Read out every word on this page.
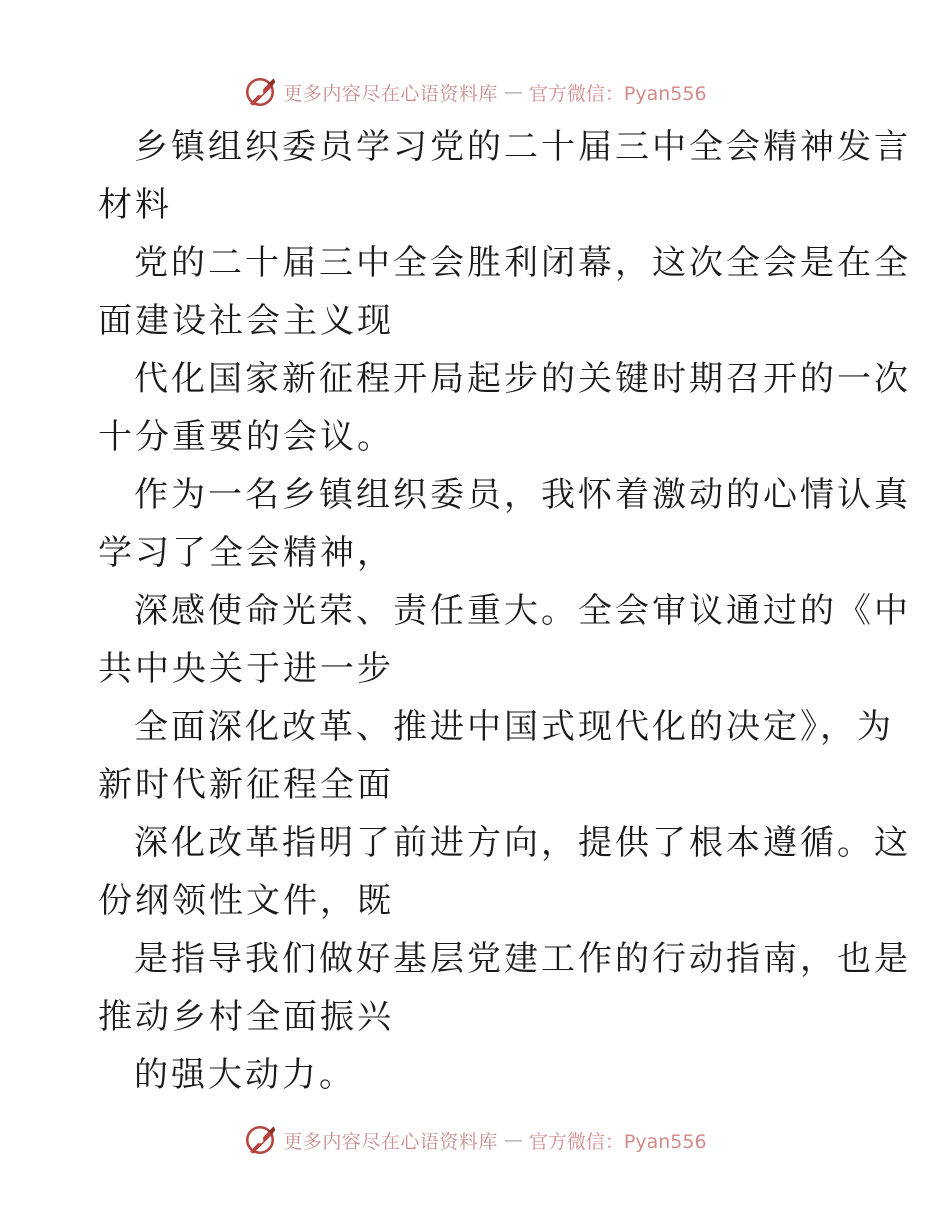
更多内容尽在心语资料库 — 官方微信：Pyan556
乡镇组织委员学习党的二十届三中全会精神发言
材料
党的二十届三中全会胜利闭幕，这次全会是在全
面建设社会主义现
代化国家新征程开局起步的关键时期召开的一次
十分重要的会议。
作为一名乡镇组织委员，我怀着激动的心情认真
学习了全会精神，
深感使命光荣、责任重大。全会审议通过的《中
共中央关于进一步
全面深化改革、推进中国式现代化的决定》，为
新时代新征程全面
深化改革指明了前进方向，提供了根本遵循。这
份纲领性文件，既
是指导我们做好基层党建工作的行动指南，也是
推动乡村全面振兴
的强大动力。
更多内容尽在心语资料库 — 官方微信：Pyan556
